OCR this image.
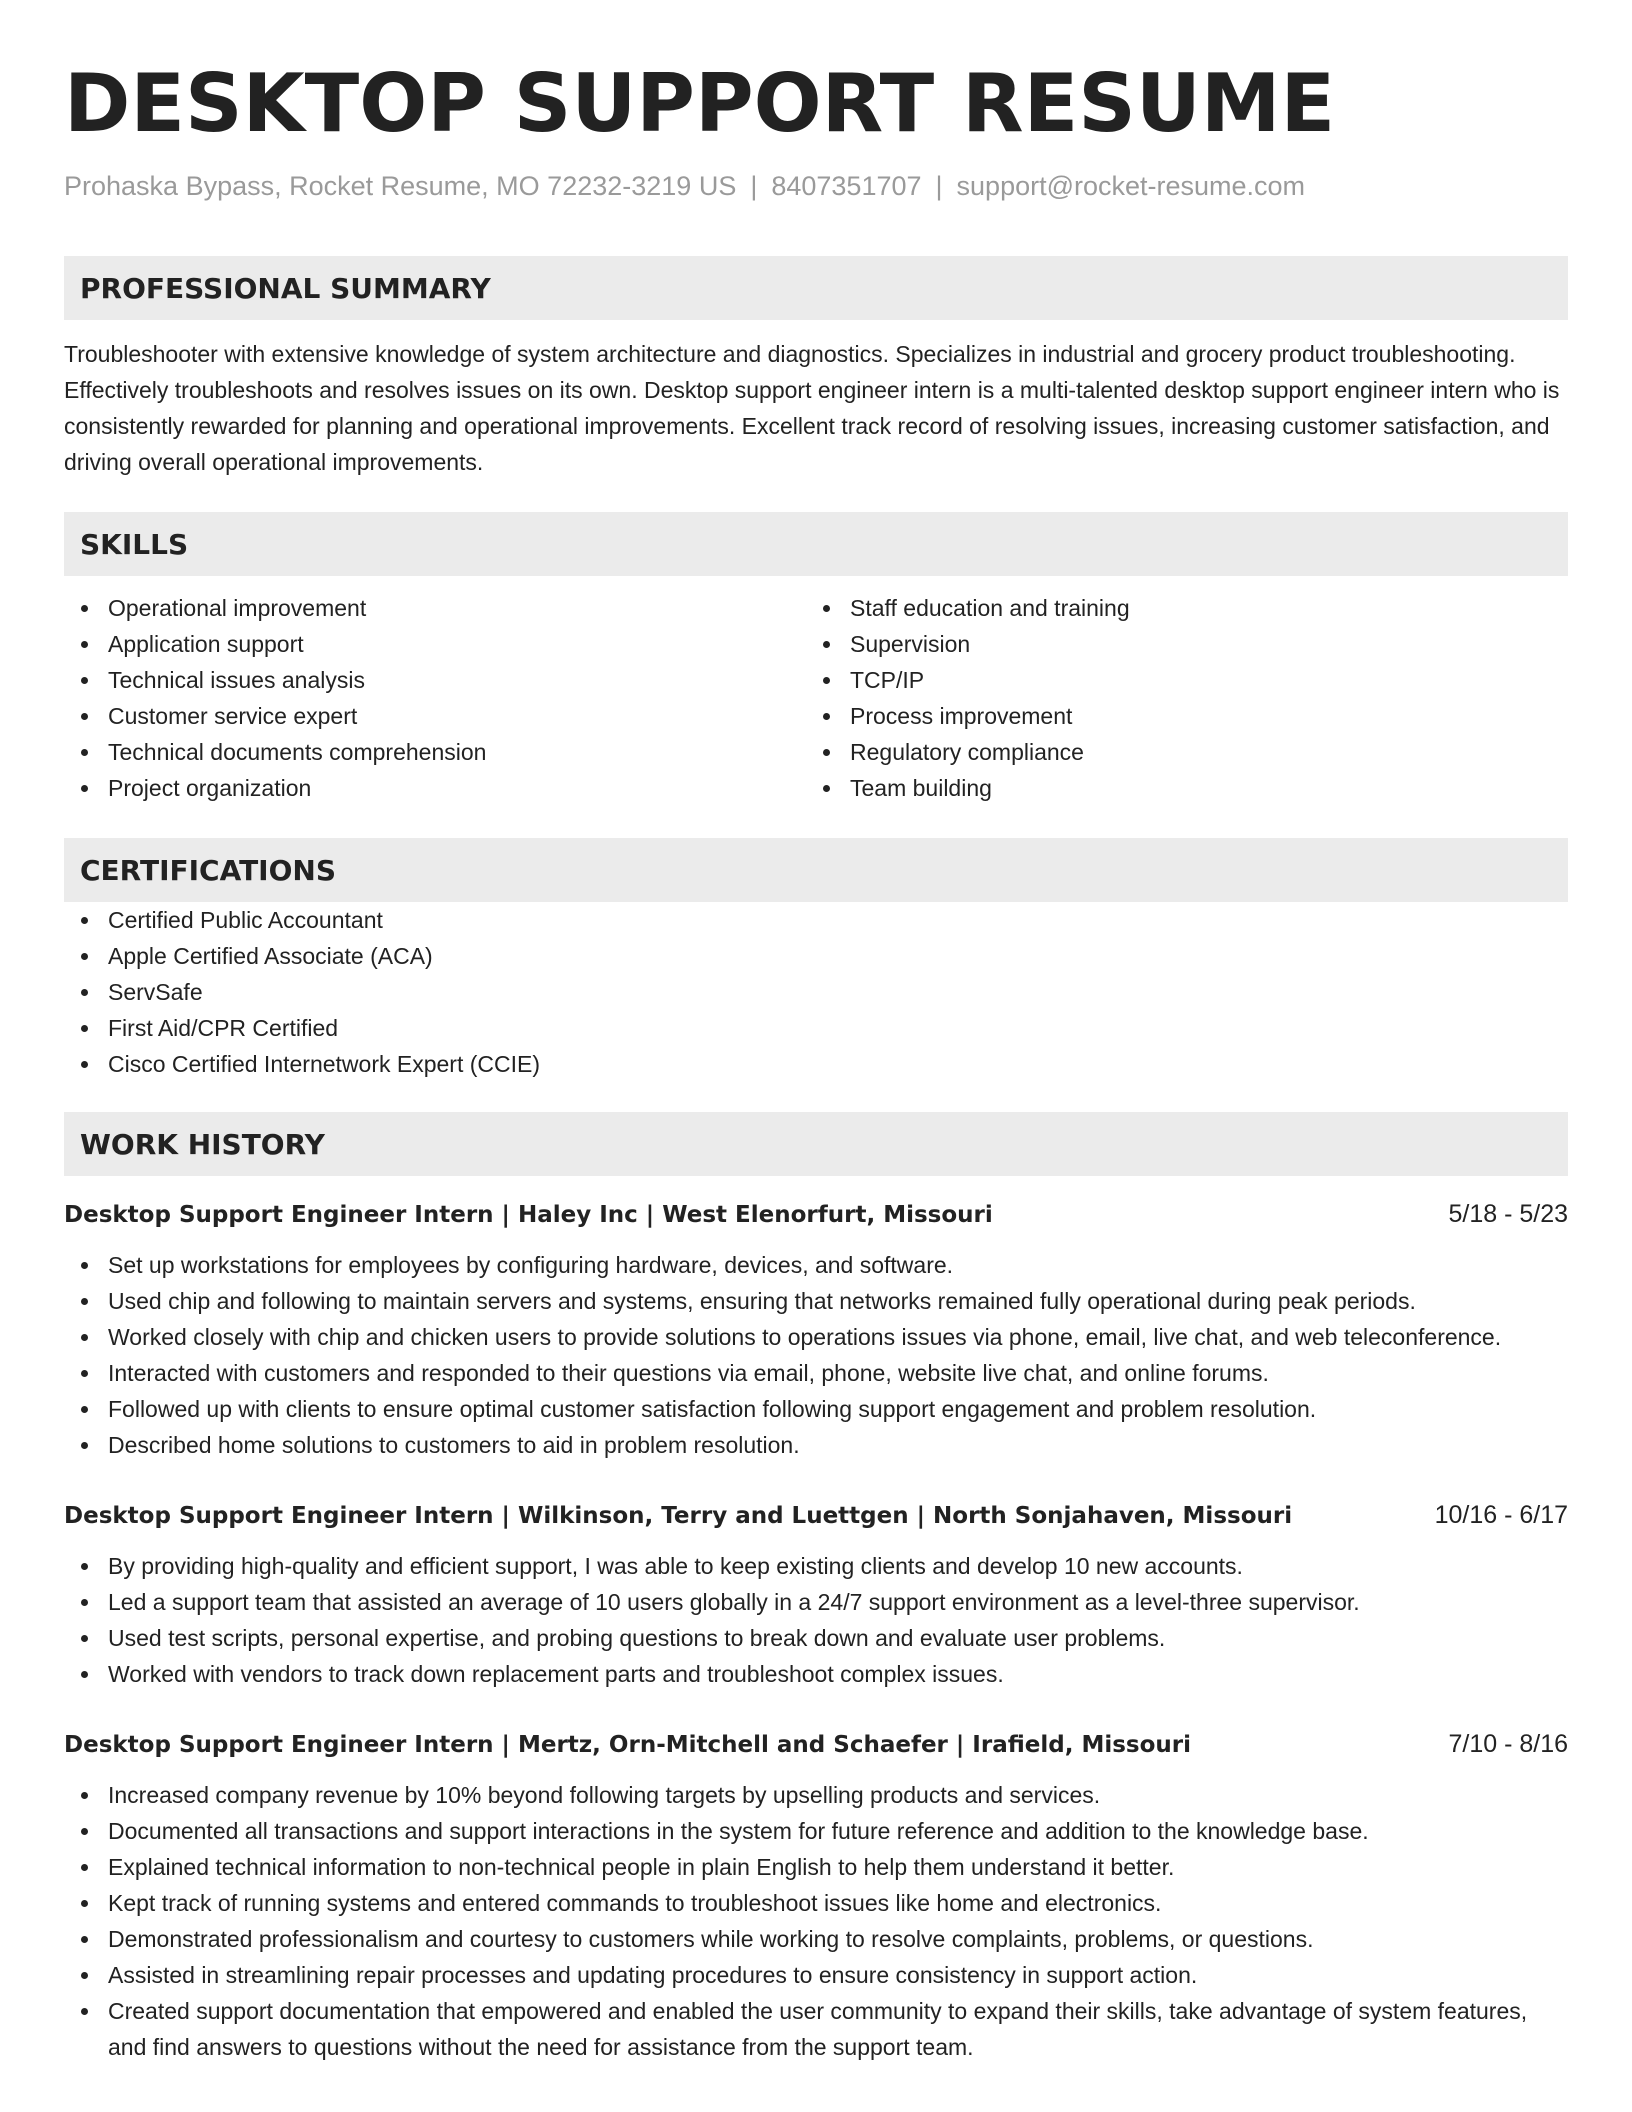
DESKTOP SUPPORT RESUME
Prohaska Bypass, Rocket Resume, MO 72232-3219 US | 8407351707 | support@rocket-resume.com
PROFESSIONAL SUMMARY
Troubleshooter with extensive knowledge of system architecture and diagnostics. Specializes in industrial and grocery product troubleshooting. Effectively troubleshoots and resolves issues on its own. Desktop support engineer intern is a multi-talented desktop support engineer intern who is consistently rewarded for planning and operational improvements. Excellent track record of resolving issues, increasing customer satisfaction, and driving overall operational improvements.
SKILLS
Operational improvement
Application support
Technical issues analysis
Customer service expert
Technical documents comprehension
Project organization
Staff education and training
Supervision
TCP/IP
Process improvement
Regulatory compliance
Team building
CERTIFICATIONS
Certified Public Accountant
Apple Certified Associate (ACA)
ServSafe
First Aid/CPR Certified
Cisco Certified Internetwork Expert (CCIE)
WORK HISTORY
Desktop Support Engineer Intern | Haley Inc | West Elenorfurt, Missouri	5/18 - 5/23
Set up workstations for employees by configuring hardware, devices, and software.
Used chip and following to maintain servers and systems, ensuring that networks remained fully operational during peak periods.
Worked closely with chip and chicken users to provide solutions to operations issues via phone, email, live chat, and web teleconference.
Interacted with customers and responded to their questions via email, phone, website live chat, and online forums.
Followed up with clients to ensure optimal customer satisfaction following support engagement and problem resolution.
Described home solutions to customers to aid in problem resolution.
Desktop Support Engineer Intern | Wilkinson, Terry and Luettgen | North Sonjahaven, Missouri	10/16 - 6/17
By providing high-quality and efficient support, I was able to keep existing clients and develop 10 new accounts.
Led a support team that assisted an average of 10 users globally in a 24/7 support environment as a level-three supervisor.
Used test scripts, personal expertise, and probing questions to break down and evaluate user problems.
Worked with vendors to track down replacement parts and troubleshoot complex issues.
Desktop Support Engineer Intern | Mertz, Orn-Mitchell and Schaefer | Irafield, Missouri	7/10 - 8/16
Increased company revenue by 10% beyond following targets by upselling products and services.
Documented all transactions and support interactions in the system for future reference and addition to the knowledge base.
Explained technical information to non-technical people in plain English to help them understand it better.
Kept track of running systems and entered commands to troubleshoot issues like home and electronics.
Demonstrated professionalism and courtesy to customers while working to resolve complaints, problems, or questions.
Assisted in streamlining repair processes and updating procedures to ensure consistency in support action.
Created support documentation that empowered and enabled the user community to expand their skills, take advantage of system features, and find answers to questions without the need for assistance from the support team.
